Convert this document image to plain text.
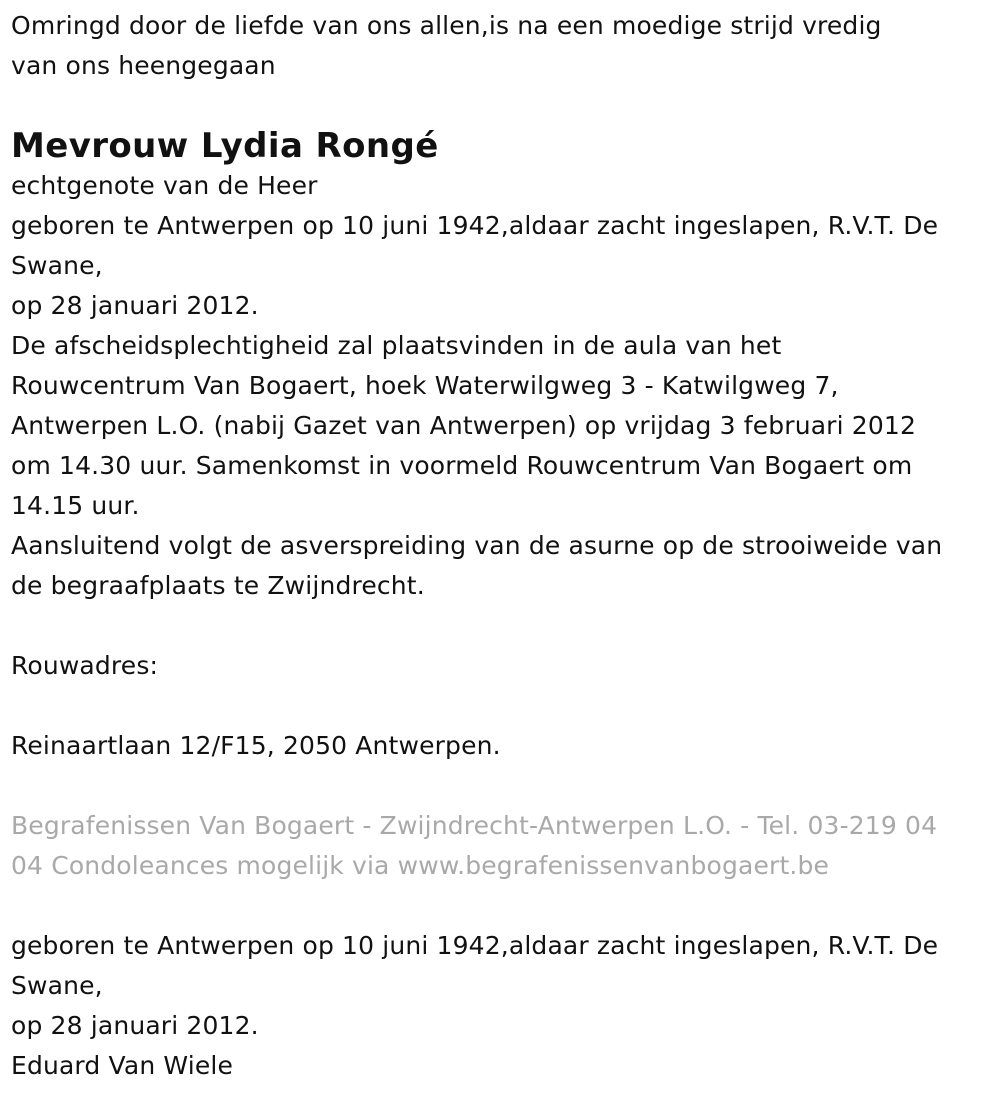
Omringd door de liefde van ons allen,is na een moedige strijd vredig
van ons heengegaan
Mevrouw Lydia Rongé
echtgenote van de Heer
geboren te Antwerpen op 10 juni 1942,aldaar zacht ingeslapen, R.V.T. De
Swane,
op 28 januari 2012.
De afscheidsplechtigheid zal plaatsvinden in de aula van het
Rouwcentrum Van Bogaert, hoek Waterwilgweg 3 - Katwilgweg 7,
Antwerpen L.O. (nabij Gazet van Antwerpen) op vrijdag 3 februari 2012
om 14.30 uur. Samenkomst in voormeld Rouwcentrum Van Bogaert om
14.15 uur.
Aansluitend volgt de asverspreiding van de asurne op de strooiweide van
de begraafplaats te Zwijndrecht.
Rouwadres:
Reinaartlaan 12/F15, 2050 Antwerpen.
Begrafenissen Van Bogaert - Zwijndrecht-Antwerpen L.O. - Tel. 03-219 04
04 Condoleances mogelijk via www.begrafenissenvanbogaert.be
geboren te Antwerpen op 10 juni 1942,aldaar zacht ingeslapen, R.V.T. De
Swane,
op 28 januari 2012.
Eduard Van Wiele
